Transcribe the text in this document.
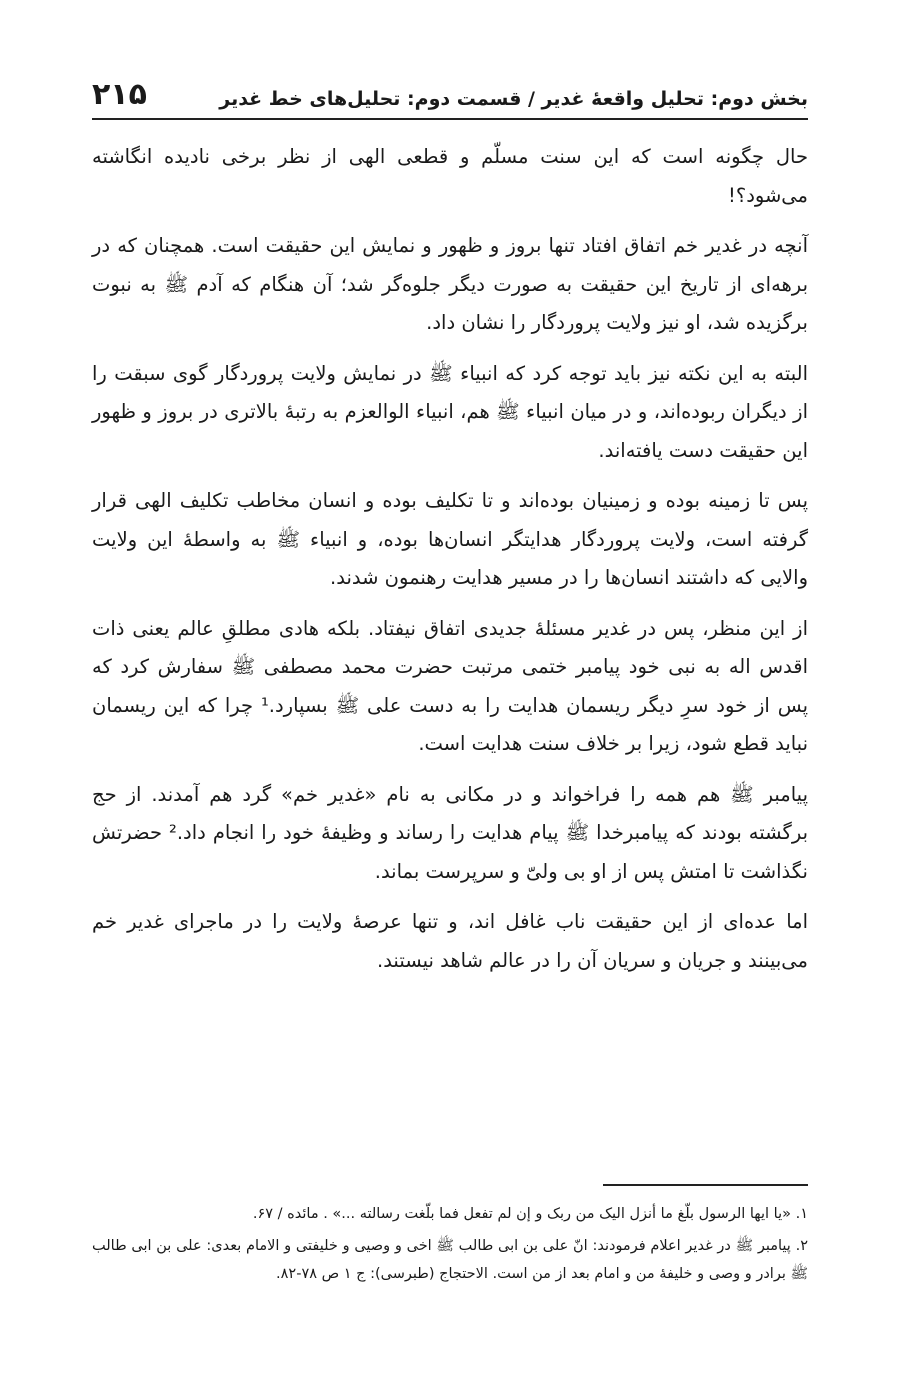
بخش دوم: تحلیل واقعهٔ غدیر / قسمت دوم: تحلیل‌های خط غدیر
۲۱۵

حال چگونه است که این سنت مسلّم و قطعی الهی از نظر برخی نادیده انگاشته می‌شود؟!

آنچه در غدیر خم اتفاق افتاد تنها بروز و ظهور و نمایش این حقیقت است. همچنان که در برهه‌ای از تاریخ این حقیقت به صورت دیگر جلوه‌گر شد؛ آن هنگام که آدم ﷺ به نبوت برگزیده شد، او نیز ولایت پروردگار را نشان داد.

البته به این نکته نیز باید توجه کرد که انبیاء ﷺ در نمایش ولایت پروردگار گوی سبقت را از دیگران ربوده‌اند، و در میان انبیاء ﷺ هم، انبیاء الوالعزم به رتبهٔ بالاتری در بروز و ظهور این حقیقت دست یافته‌اند.

پس تا زمینه بوده و زمینیان بوده‌اند و تا تکلیف بوده و انسان مخاطب تکلیف الهی قرار گرفته است، ولایت پروردگار هدایتگر انسان‌ها بوده، و انبیاء ﷺ به واسطهٔ این ولایت والایی که داشتند انسان‌ها را در مسیر هدایت رهنمون شدند.

از این منظر، پس در غدیر مسئلهٔ جدیدی اتفاق نیفتاد. بلکه هادی مطلقِ عالم یعنی ذات اقدس اله به نبی خود پیامبر ختمی مرتبت حضرت محمد مصطفی ﷺ سفارش کرد که پس از خود سرِ دیگر ریسمان هدایت را به دست علی ﷺ بسپارد.¹ چرا که این ریسمان نباید قطع شود، زیرا بر خلاف سنت هدایت است.

پیامبر ﷺ هم همه را فراخواند و در مکانی به نام «غدیر خم» گرد هم آمدند. از حج برگشته بودند که پیامبرخدا ﷺ پیام هدایت را رساند و وظیفهٔ خود را انجام داد.² حضرتش نگذاشت تا امتش پس از او بی ولیّ و سرپرست بماند.

اما عده‌ای از این حقیقت ناب غافل اند، و تنها عرصهٔ ولایت را در ماجرای غدیر خم می‌بینند و جریان و سریان آن را در عالم شاهد نیستند.

۱. «یا ایها الرسول بلّغ ما أنزل الیک من ربک و إن لم تفعل فما بلّغت رسالته ...» . مائده / ۶۷.

۲. پیامبر ﷺ در غدیر اعلام فرمودند: انّ علی بن ابی طالب ﷺ اخی و وصیی و خلیفتی و الامام بعدی: علی بن ابی طالب ﷺ برادر و وصی و خلیفهٔ من و امام بعد از من است. الاحتجاج (طبرسی): ج ۱ ص ۷۸-۸۲.
